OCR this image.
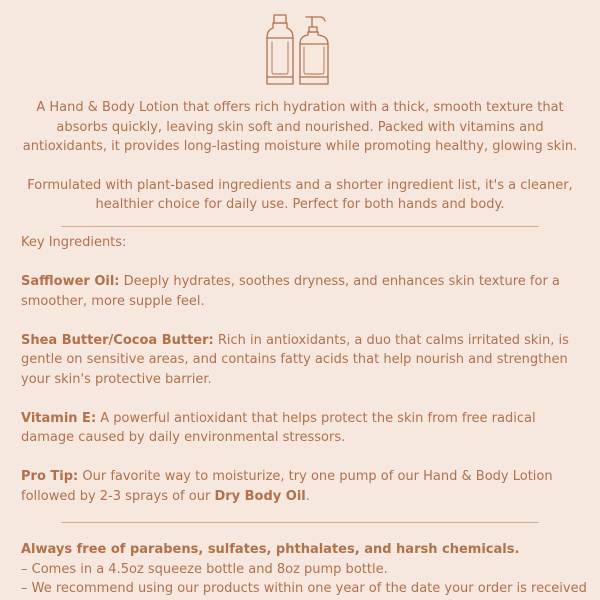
A Hand & Body Lotion that offers rich hydration with a thick, smooth texture that absorbs quickly, leaving skin soft and nourished. Packed with vitamins and antioxidants, it provides long-lasting moisture while promoting healthy, glowing skin.

Formulated with plant-based ingredients and a shorter ingredient list, it's a cleaner, healthier choice for daily use. Perfect for both hands and body.

Key Ingredients:

Safflower Oil: Deeply hydrates, soothes dryness, and enhances skin texture for a smoother, more supple feel.

Shea Butter/Cocoa Butter: Rich in antioxidants, a duo that calms irritated skin, is gentle on sensitive areas, and contains fatty acids that help nourish and strengthen your skin's protective barrier.

Vitamin E: A powerful antioxidant that helps protect the skin from free radical damage caused by daily environmental stressors.

Pro Tip: Our favorite way to moisturize, try one pump of our Hand & Body Lotion followed by 2-3 sprays of our Dry Body Oil.

Always free of parabens, sulfates, phthalates, and harsh chemicals.
– Comes in a 4.5oz squeeze bottle and 8oz pump bottle.
– We recommend using our products within one year of the date your order is received
